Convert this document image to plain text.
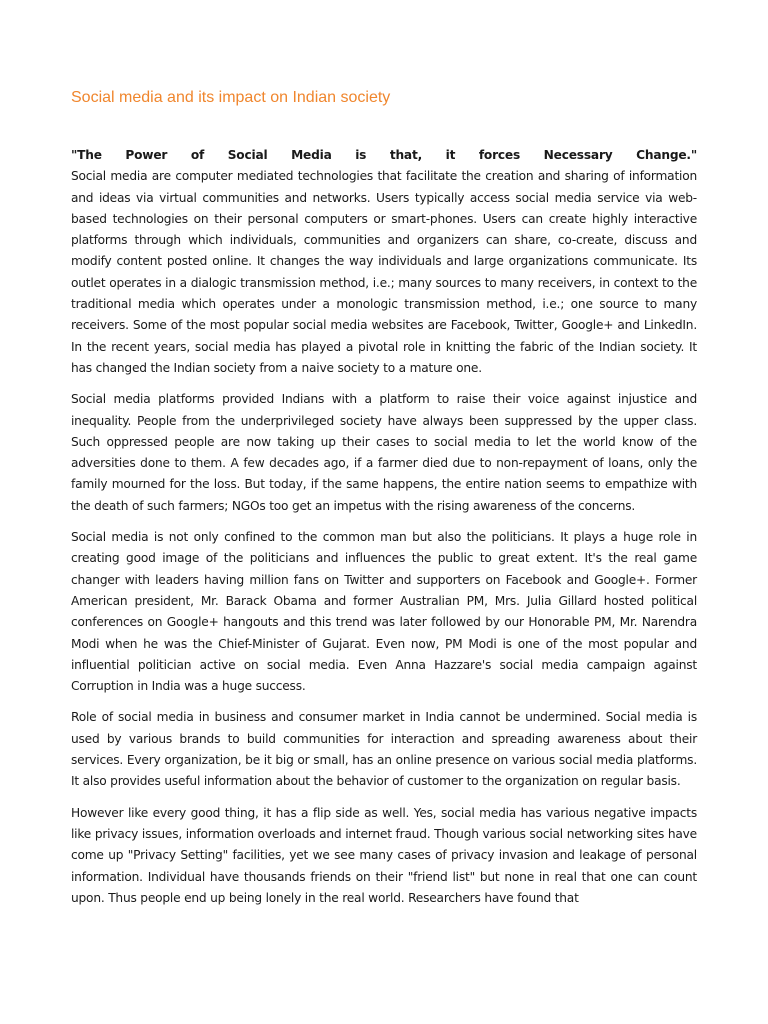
Social media and its impact on Indian society

"The Power of Social Media is that, it forces Necessary Change."
Social media are computer mediated technologies that facilitate the creation and sharing of information and ideas via virtual communities and networks. Users typically access social media service via web-based technologies on their personal computers or smart-phones. Users can create highly interactive platforms through which individuals, communities and organizers can share, co-create, discuss and modify content posted online. It changes the way individuals and large organizations communicate. Its outlet operates in a dialogic transmission method, i.e.; many sources to many receivers, in context to the traditional media which operates under a monologic transmission method, i.e.; one source to many receivers. Some of the most popular social media websites are Facebook, Twitter, Google+ and LinkedIn. In the recent years, social media has played a pivotal role in knitting the fabric of the Indian society. It has changed the Indian society from a naive society to a mature one.

Social media platforms provided Indians with a platform to raise their voice against injustice and inequality. People from the underprivileged society have always been suppressed by the upper class. Such oppressed people are now taking up their cases to social media to let the world know of the adversities done to them. A few decades ago, if a farmer died due to non-repayment of loans, only the family mourned for the loss. But today, if the same happens, the entire nation seems to empathize with the death of such farmers; NGOs too get an impetus with the rising awareness of the concerns.

Social media is not only confined to the common man but also the politicians. It plays a huge role in creating good image of the politicians and influences the public to great extent. It's the real game changer with leaders having million fans on Twitter and supporters on Facebook and Google+. Former American president, Mr. Barack Obama and former Australian PM, Mrs. Julia Gillard hosted political conferences on Google+ hangouts and this trend was later followed by our Honorable PM, Mr. Narendra Modi when he was the Chief-Minister of Gujarat. Even now, PM Modi is one of the most popular and influential politician active on social media. Even Anna Hazzare's social media campaign against Corruption in India was a huge success.

Role of social media in business and consumer market in India cannot be undermined. Social media is used by various brands to build communities for interaction and spreading awareness about their services. Every organization, be it big or small, has an online presence on various social media platforms. It also provides useful information about the behavior of customer to the organization on regular basis.

However like every good thing, it has a flip side as well. Yes, social media has various negative impacts like privacy issues, information overloads and internet fraud. Though various social networking sites have come up "Privacy Setting" facilities, yet we see many cases of privacy invasion and leakage of personal information. Individual have thousands friends on their "friend list" but none in real that one can count upon. Thus people end up being lonely in the real world. Researchers have found that
